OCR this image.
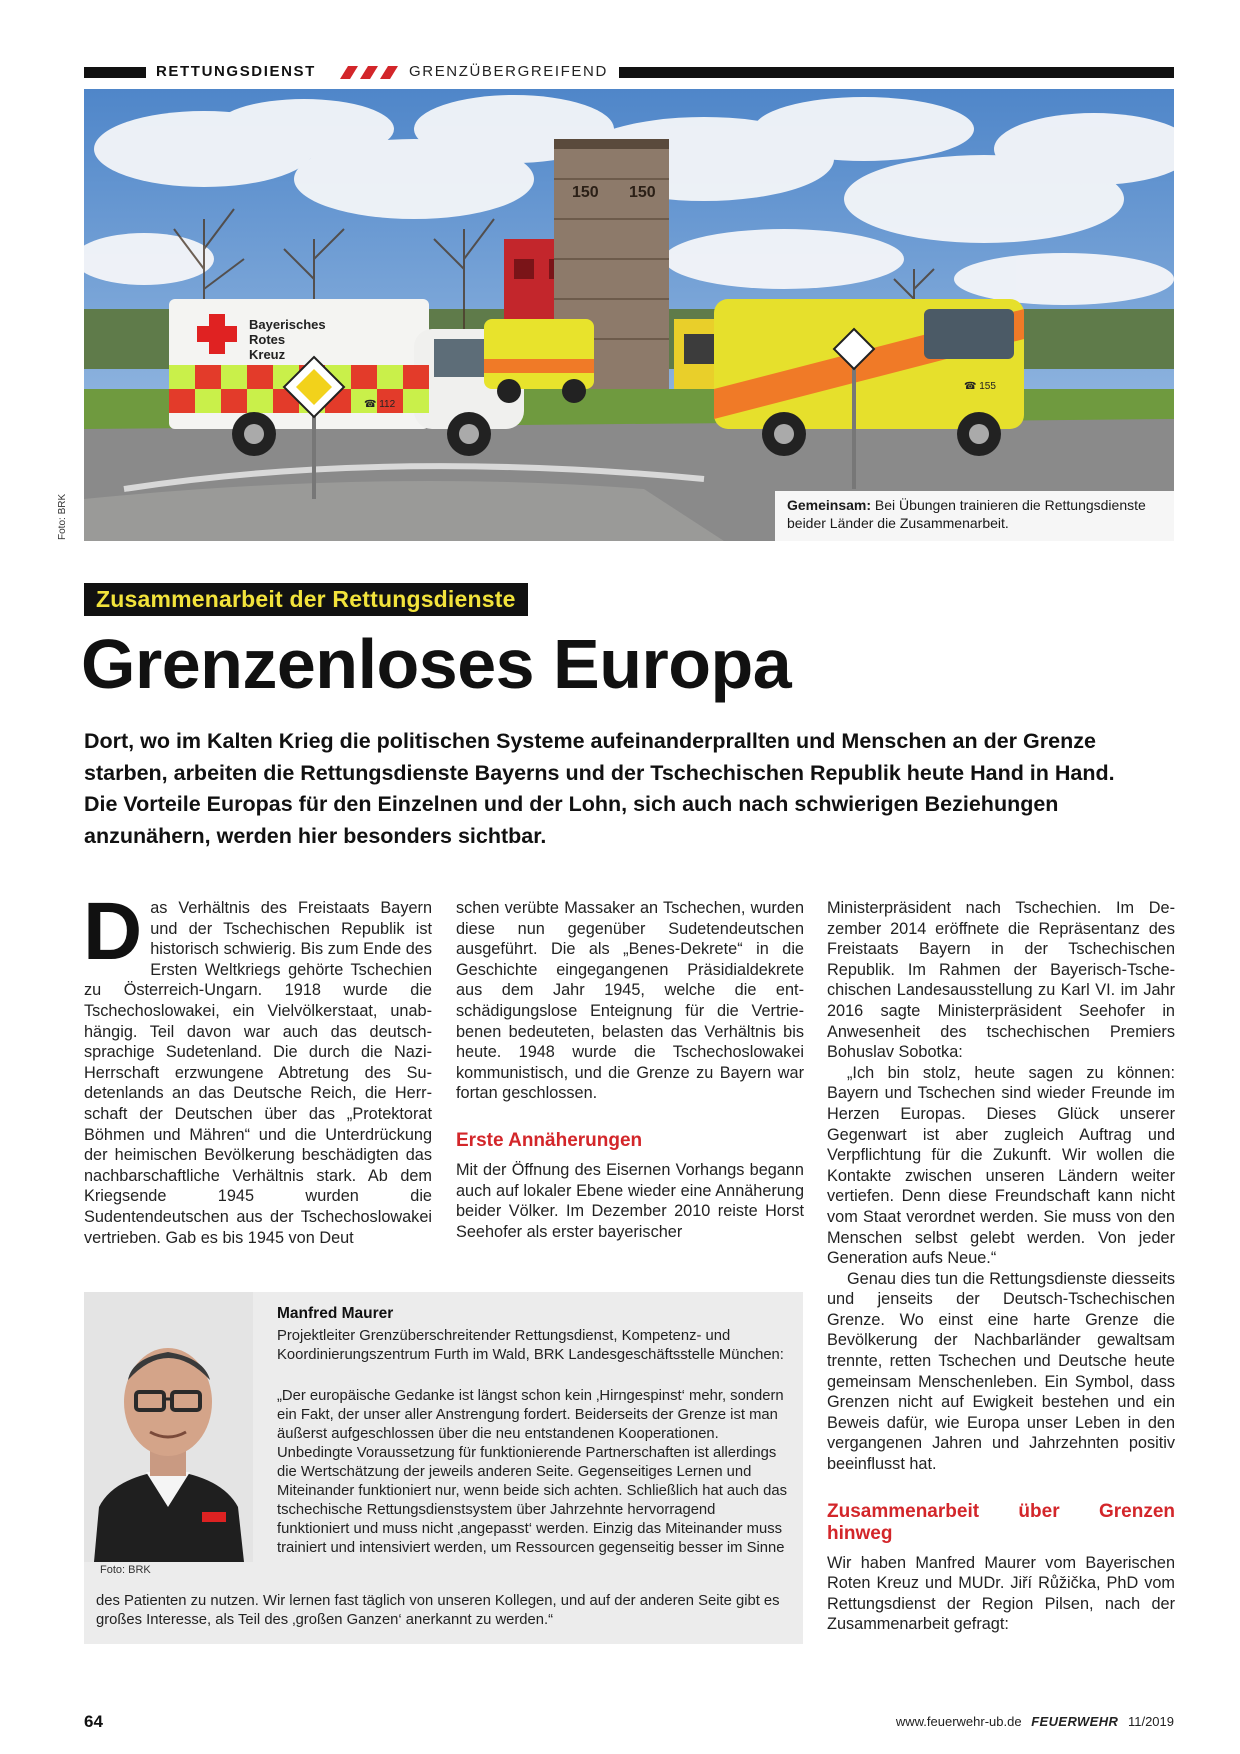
RETTUNGSDIENST	GRENZÜBERGREIFEND
150 150
Bayerisches
Rotes
Kreuz
☎ 112
☎ 155
Foto: BRK	Gemeinsam: Bei Übungen trainieren die Rettungsdienste beider Länder die Zusammenarbeit.
Zusammenarbeit der Rettungsdienste
Grenzenloses Europa
Dort, wo im Kalten Krieg die politischen Systeme aufeinanderprallten und Menschen an der Grenze starben, arbeiten die Rettungsdienste Bayerns und der Tschechischen Republik heute Hand in Hand. Die Vorteile Europas für den Einzelnen und der Lohn, sich auch nach schwierigen Beziehungen anzunähern, werden hier besonders sichtbar.
D as Verhältnis des Freistaats Bayern und der Tschechischen Republik ist historisch schwierig. Bis zum Ende des Ersten Weltkriegs gehörte Tschechien zu Österreich-Ungarn. 1918 wurde die Tschechoslowakei, ein Vielvölkerstaat, unabhängig. Teil davon war auch das deutschsprachige Sudetenland. Die durch die Nazi-Herrschaft erzwungene Abtretung des Sudetenlands an das Deutsche Reich, die Herrschaft der Deutschen über das „Protektorat Böhmen und Mähren“ und die Unterdrückung der heimischen Bevölkerung beschädigten das nachbarschaftliche Verhältnis stark. Ab dem Kriegsende 1945 wurden die Sudentendeutschen aus der Tschechoslowakei vertrieben. Gab es bis 1945 von Deut

schen verübte Massaker an Tschechen, wurden diese nun gegenüber Sudetendeutschen ausgeführt. Die als „Benes-Dekrete“ in die Geschichte eingegangenen Präsidialdekrete aus dem Jahr 1945, welche die entschädigungslose Enteignung für die Vertriebenen bedeuteten, belasten das Verhältnis bis heute. 1948 wurde die Tschechoslowakei kommunistisch, und die Grenze zu Bayern war fortan geschlossen.

Erste Annäherungen

Mit der Öffnung des Eisernen Vorhangs begann auch auf lokaler Ebene wieder eine Annäherung beider Völker. Im Dezember 2010 reiste Horst Seehofer als erster bayerischer

Ministerpräsident nach Tschechien. Im Dezember 2014 eröffnete die Repräsentanz des Freistaats Bayern in der Tschechischen Republik. Im Rahmen der Bayerisch-Tschechischen Landesausstellung zu Karl VI. im Jahr 2016 sagte Ministerpräsident Seehofer in Anwesenheit des tschechischen Premiers Bohuslav Sobotka:

„Ich bin stolz, heute sagen zu können: Bayern und Tschechen sind wieder Freunde im Herzen Europas. Dieses Glück unserer Gegenwart ist aber zugleich Auftrag und Verpflichtung für die Zukunft. Wir wollen die Kontakte zwischen unseren Ländern weiter vertiefen. Denn diese Freundschaft kann nicht vom Staat verordnet werden. Sie muss von den Menschen selbst gelebt werden. Von jeder Generation aufs Neue.“

Genau dies tun die Rettungsdienste diesseits und jenseits der Deutsch-Tschechischen Grenze. Wo einst eine harte Grenze die Bevölkerung der Nachbarländer gewaltsam trennte, retten Tschechen und Deutsche heute gemeinsam Menschenleben. Ein Symbol, dass Grenzen nicht auf Ewigkeit bestehen und ein Beweis dafür, wie Europa unser Leben in den vergangenen Jahren und Jahrzehnten positiv beeinflusst hat.

Zusammenarbeit über Grenzen hinweg

Wir haben Manfred Maurer vom Bayerischen Roten Kreuz und MUDr. Jiří Růžička, PhD vom Rettungsdienst der Region Pilsen, nach der Zusammenarbeit gefragt:

Foto: BRK
Manfred Maurer
Projektleiter Grenzüberschreitender Rettungsdienst, Kompetenz- und Koordinierungszentrum Furth im Wald, BRK Landesgeschäftsstelle München:
„Der europäische Gedanke ist längst schon kein ‚Hirngespinst‘ mehr, sondern ein Fakt, der unser aller Anstrengung fordert. Beiderseits der Grenze ist man äußerst aufgeschlossen über die neu entstandenen Kooperationen. Unbedingte Voraussetzung für funktionierende Partnerschaften ist allerdings die Wertschätzung der jeweils anderen Seite. Gegenseitiges Lernen und Miteinander funktioniert nur, wenn beide sich achten. Schließlich hat auch das tschechische Rettungsdienstsystem über Jahrzehnte hervorragend funktioniert und muss nicht ‚angepasst‘ werden. Einzig das Miteinander muss trainiert und intensiviert werden, um Ressourcen gegenseitig besser im Sinne
des Patienten zu nutzen. Wir lernen fast täglich von unseren Kollegen, und auf der anderen Seite gibt es großes Interesse, als Teil des ‚großen Ganzen‘ anerkannt zu werden.“
64	www.feuerwehr-ub.de FEUERWEHR 11/2019
